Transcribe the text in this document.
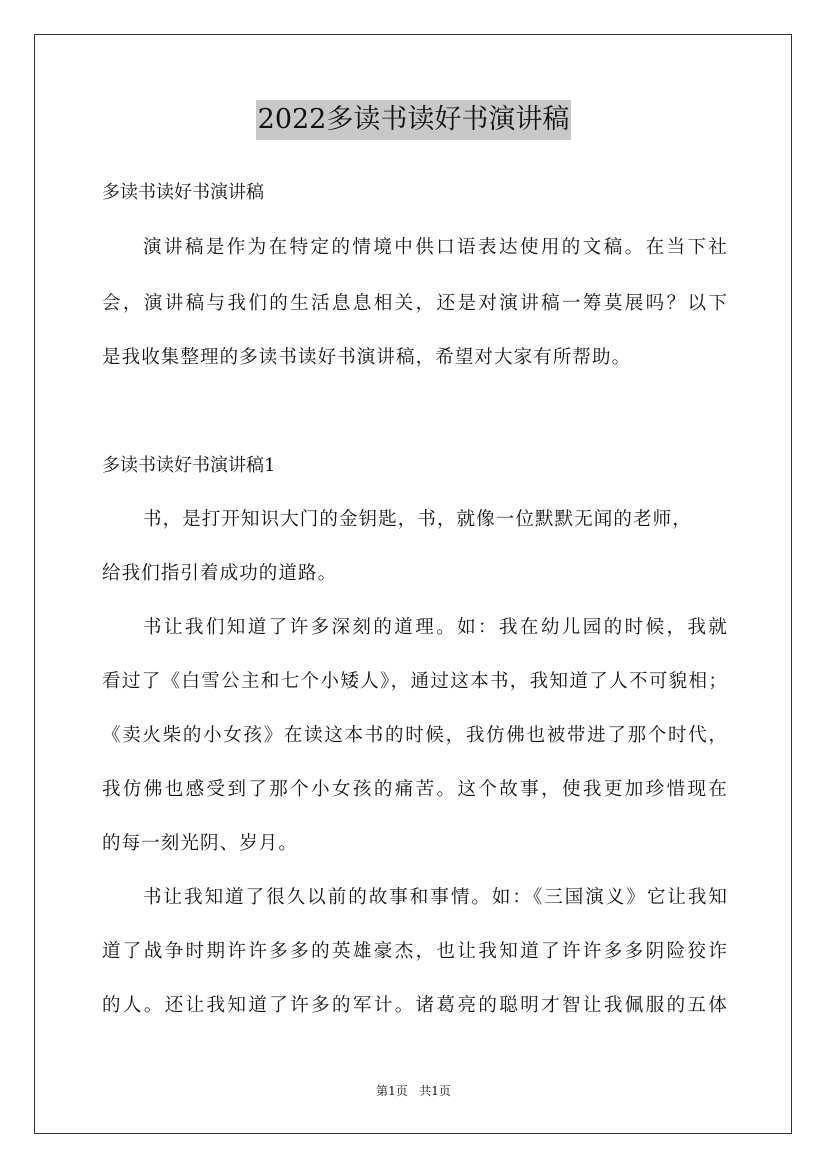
2022多读书读好书演讲稿
多读书读好书演讲稿
演讲稿是作为在特定的情境中供口语表达使用的文稿。在当下社
会，演讲稿与我们的生活息息相关，还是对演讲稿一筹莫展吗？以下
是我收集整理的多读书读好书演讲稿，希望对大家有所帮助。
多读书读好书演讲稿1
书，是打开知识大门的金钥匙，书，就像一位默默无闻的老师，
给我们指引着成功的道路。
书让我们知道了许多深刻的道理。如：我在幼儿园的时候，我就
看过了《白雪公主和七个小矮人》，通过这本书，我知道了人不可貌相；
《卖火柴的小女孩》在读这本书的时候，我仿佛也被带进了那个时代，
我仿佛也感受到了那个小女孩的痛苦。这个故事，使我更加珍惜现在
的每一刻光阴、岁月。
书让我知道了很久以前的故事和事情。如：《三国演义》它让我知
道了战争时期许许多多的英雄豪杰，也让我知道了许许多多阴险狡诈
的人。还让我知道了许多的军计。诸葛亮的聪明才智让我佩服的五体
第1页 共1页
